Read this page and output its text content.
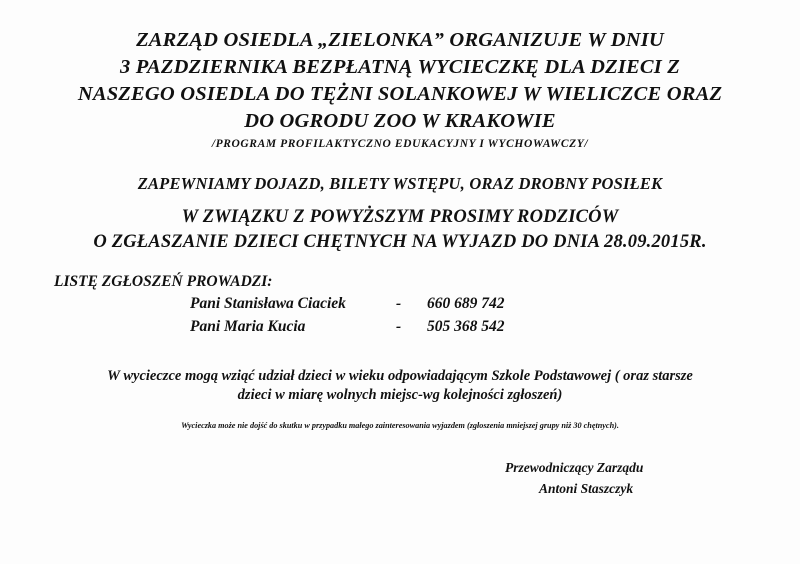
ZARZĄD OSIEDLA „ZIELONKA” ORGANIZUJE W DNIU
3 PAZDZIERNIKA BEZPŁATNĄ WYCIECZKĘ DLA DZIECI Z
NASZEGO OSIEDLA DO TĘŻNI SOLANKOWEJ W WIELICZCE ORAZ
DO OGRODU ZOO W KRAKOWIE
/PROGRAM PROFILAKTYCZNO EDUKACYJNY I WYCHOWAWCZY/
ZAPEWNIAMY DOJAZD, BILETY WSTĘPU, ORAZ DROBNY POSIŁEK
W ZWIĄZKU Z POWYŻSZYM PROSIMY RODZICÓW
O ZGŁASZANIE DZIECI CHĘTNYCH NA WYJAZD DO DNIA 28.09.2015R.
LISTĘ ZGŁOSZEŃ PROWADZI:
Pani Stanisława Ciaciek	- 660 689 742
Pani Maria Kucia	- 505 368 542
W wycieczce mogą wziąć udział dzieci w wieku odpowiadającym Szkole Podstawowej ( oraz starsze
dzieci w miarę wolnych miejsc-wg kolejności zgłoszeń)
Wycieczka może nie dojść do skutku w przypadku małego zainteresowania wyjazdem (zgłoszenia mniejszej grupy niż 30 chętnych).
Przewodniczący Zarządu
Antoni Staszczyk
